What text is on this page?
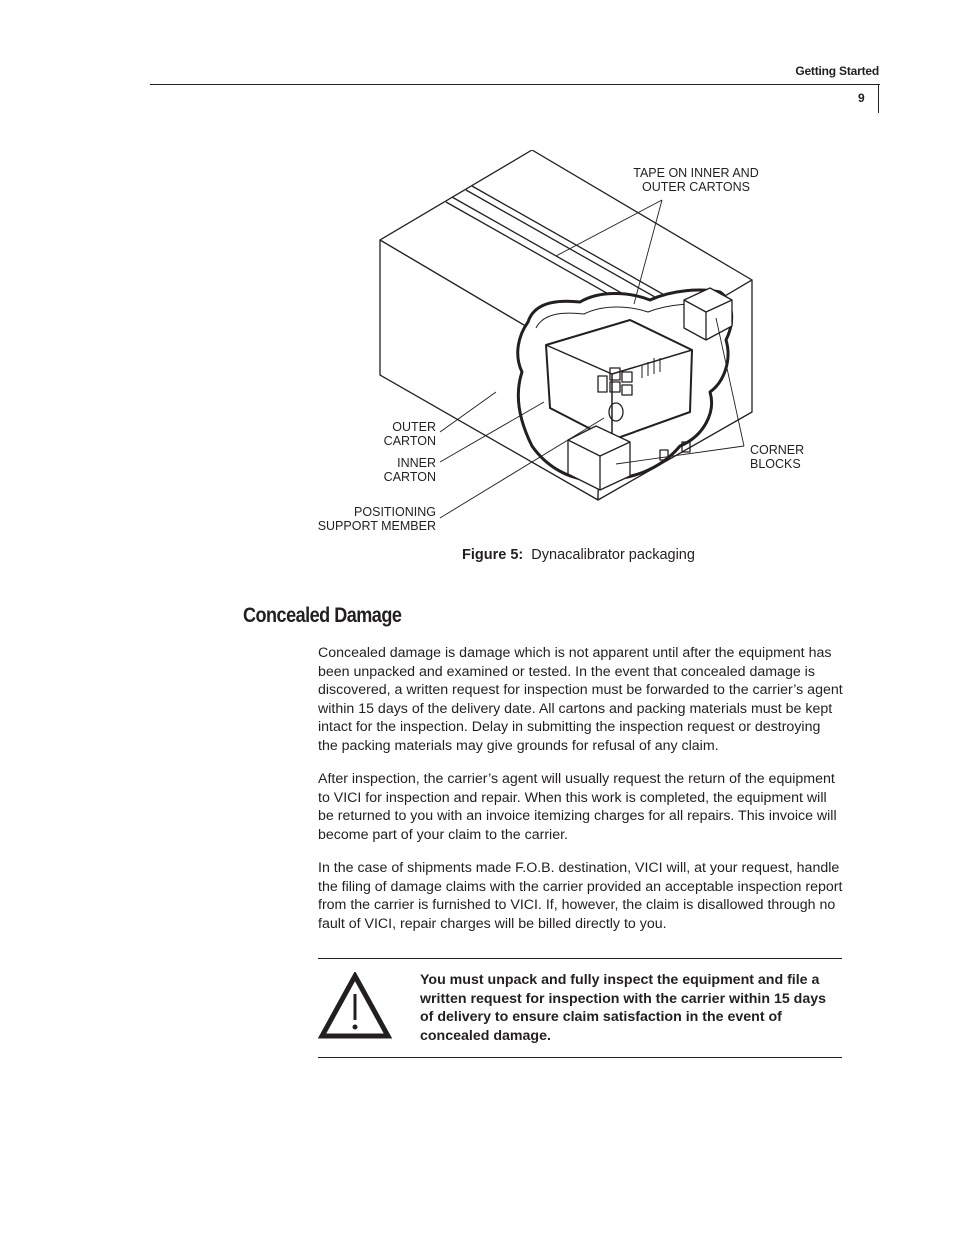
Getting Started
9
TAPE ON INNER AND
OUTER CARTONS
OUTER
CARTON
INNER
CARTON
POSITIONING
SUPPORT MEMBER
CORNER
BLOCKS
Figure 5: Dynacalibrator packaging
Concealed Damage

Concealed damage is damage which is not apparent until after the equipment has been unpacked and examined or tested. In the event that concealed damage is discovered, a written request for inspection must be forwarded to the carrier’s agent within 15 days of the delivery date. All cartons and packing materials must be kept intact for the inspection. Delay in submitting the inspection request or destroying the packing materials may give grounds for refusal of any claim.

After inspection, the carrier’s agent will usually request the return of the equipment to VICI for inspection and repair. When this work is completed, the equipment will be returned to you with an invoice itemizing charges for all repairs. This invoice will become part of your claim to the carrier.

In the case of shipments made F.O.B. destination, VICI will, at your request, handle the filing of damage claims with the carrier provided an acceptable inspection report from the carrier is furnished to VICI. If, however, the claim is disallowed through no fault of VICI, repair charges will be billed directly to you.

You must unpack and fully inspect the equipment and file a written request for inspection with the carrier within 15 days of delivery to ensure claim satisfaction in the event of concealed damage.
